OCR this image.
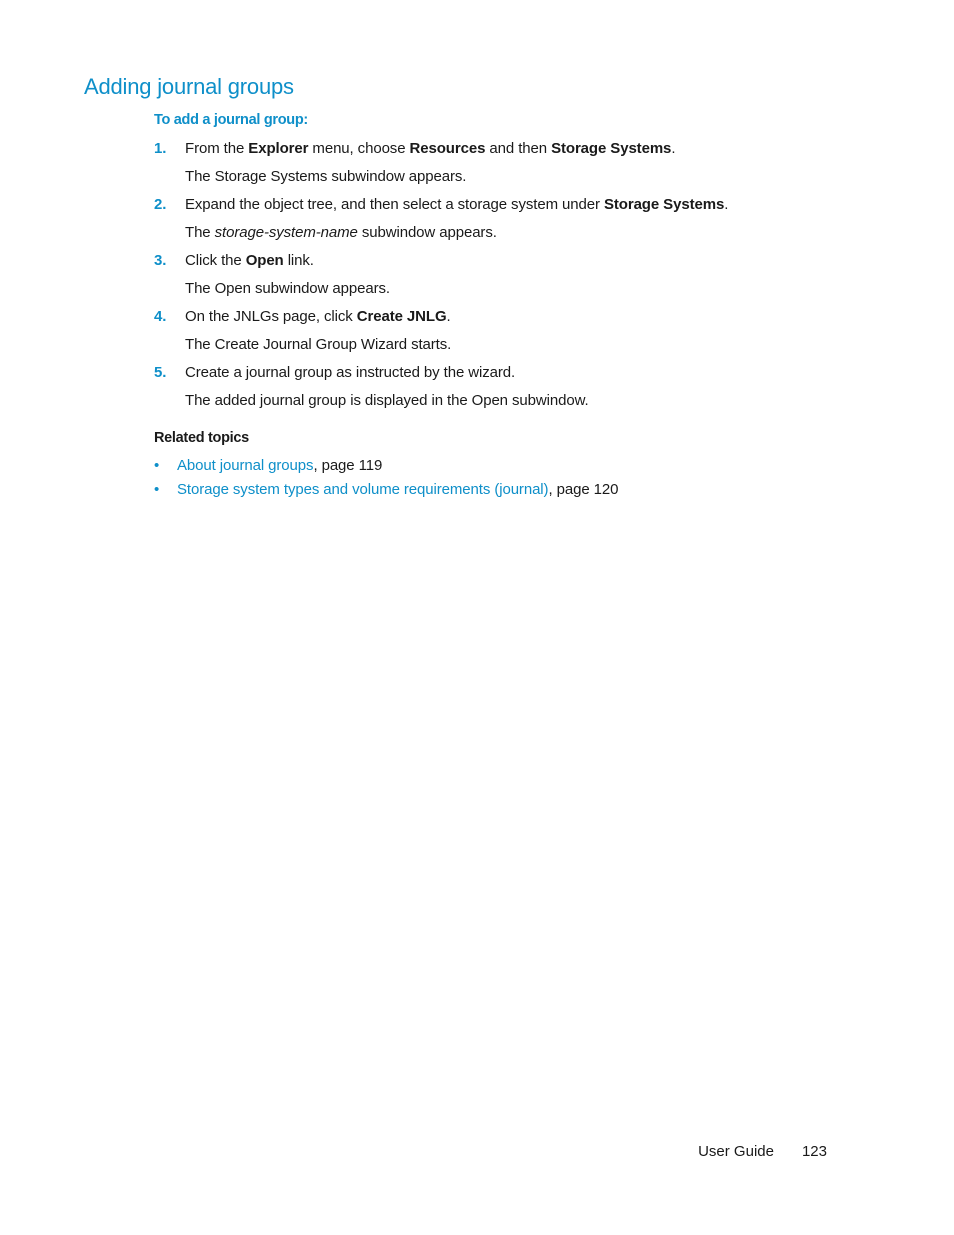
Adding journal groups
To add a journal group:
1. From the Explorer menu, choose Resources and then Storage Systems.
The Storage Systems subwindow appears.
2. Expand the object tree, and then select a storage system under Storage Systems.
The storage-system-name subwindow appears.
3. Click the Open link.
The Open subwindow appears.
4. On the JNLGs page, click Create JNLG.
The Create Journal Group Wizard starts.
5. Create a journal group as instructed by the wizard.
The added journal group is displayed in the Open subwindow.
Related topics
• About journal groups, page 119
• Storage system types and volume requirements (journal), page 120
User Guide 123
